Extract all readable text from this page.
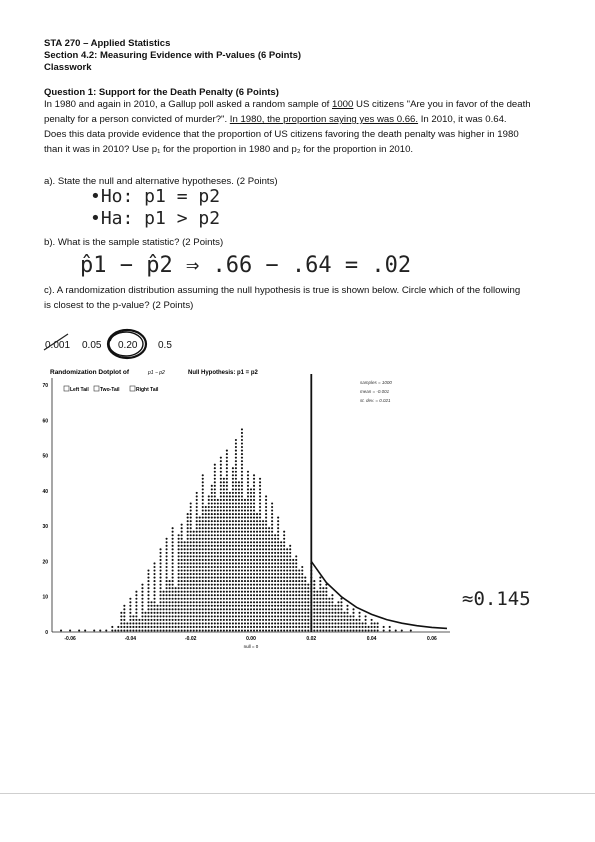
STA 270 – Applied Statistics
Section 4.2: Measuring Evidence with P-values (6 Points)
Classwork
Question 1: Support for the Death Penalty (6 Points)
In 1980 and again in 2010, a Gallup poll asked a random sample of 1000 US citizens "Are you in favor of the death
penalty for a person convicted of murder?". In 1980, the proportion saying yes was 0.66. In 2010, it was 0.64.
Does this data provide evidence that the proportion of US citizens favoring the death penalty was higher in 1980
than it was in 2010? Use p₁ for the proportion in 1980 and p₂ for the proportion in 2010.
a). State the null and alternative hypotheses. (2 Points)
•Ho: p1 = p2
•Ha: p1 > p2
b). What is the sample statistic? (2 Points)
p̂1 − p̂2 ⇒ .66 − .64 = .02
c). A randomization distribution assuming the null hypothesis is true is shown below. Circle which of the following
is closest to the p-value? (2 Points)
0.001 0.05 0.20 0.5
Randomization Dotplot of	p1 − p2	Null Hypothesis: p1 = p2
Left Tail Two-Tail	Right Tail
samples = 1000
mean = -0.001
st. dev. = 0.021
0
10
20
30
40
50
60
70
-0.06	-0.04	-0.02	0.00	0.02	0.04	0.06
null = 0
≈0.145
